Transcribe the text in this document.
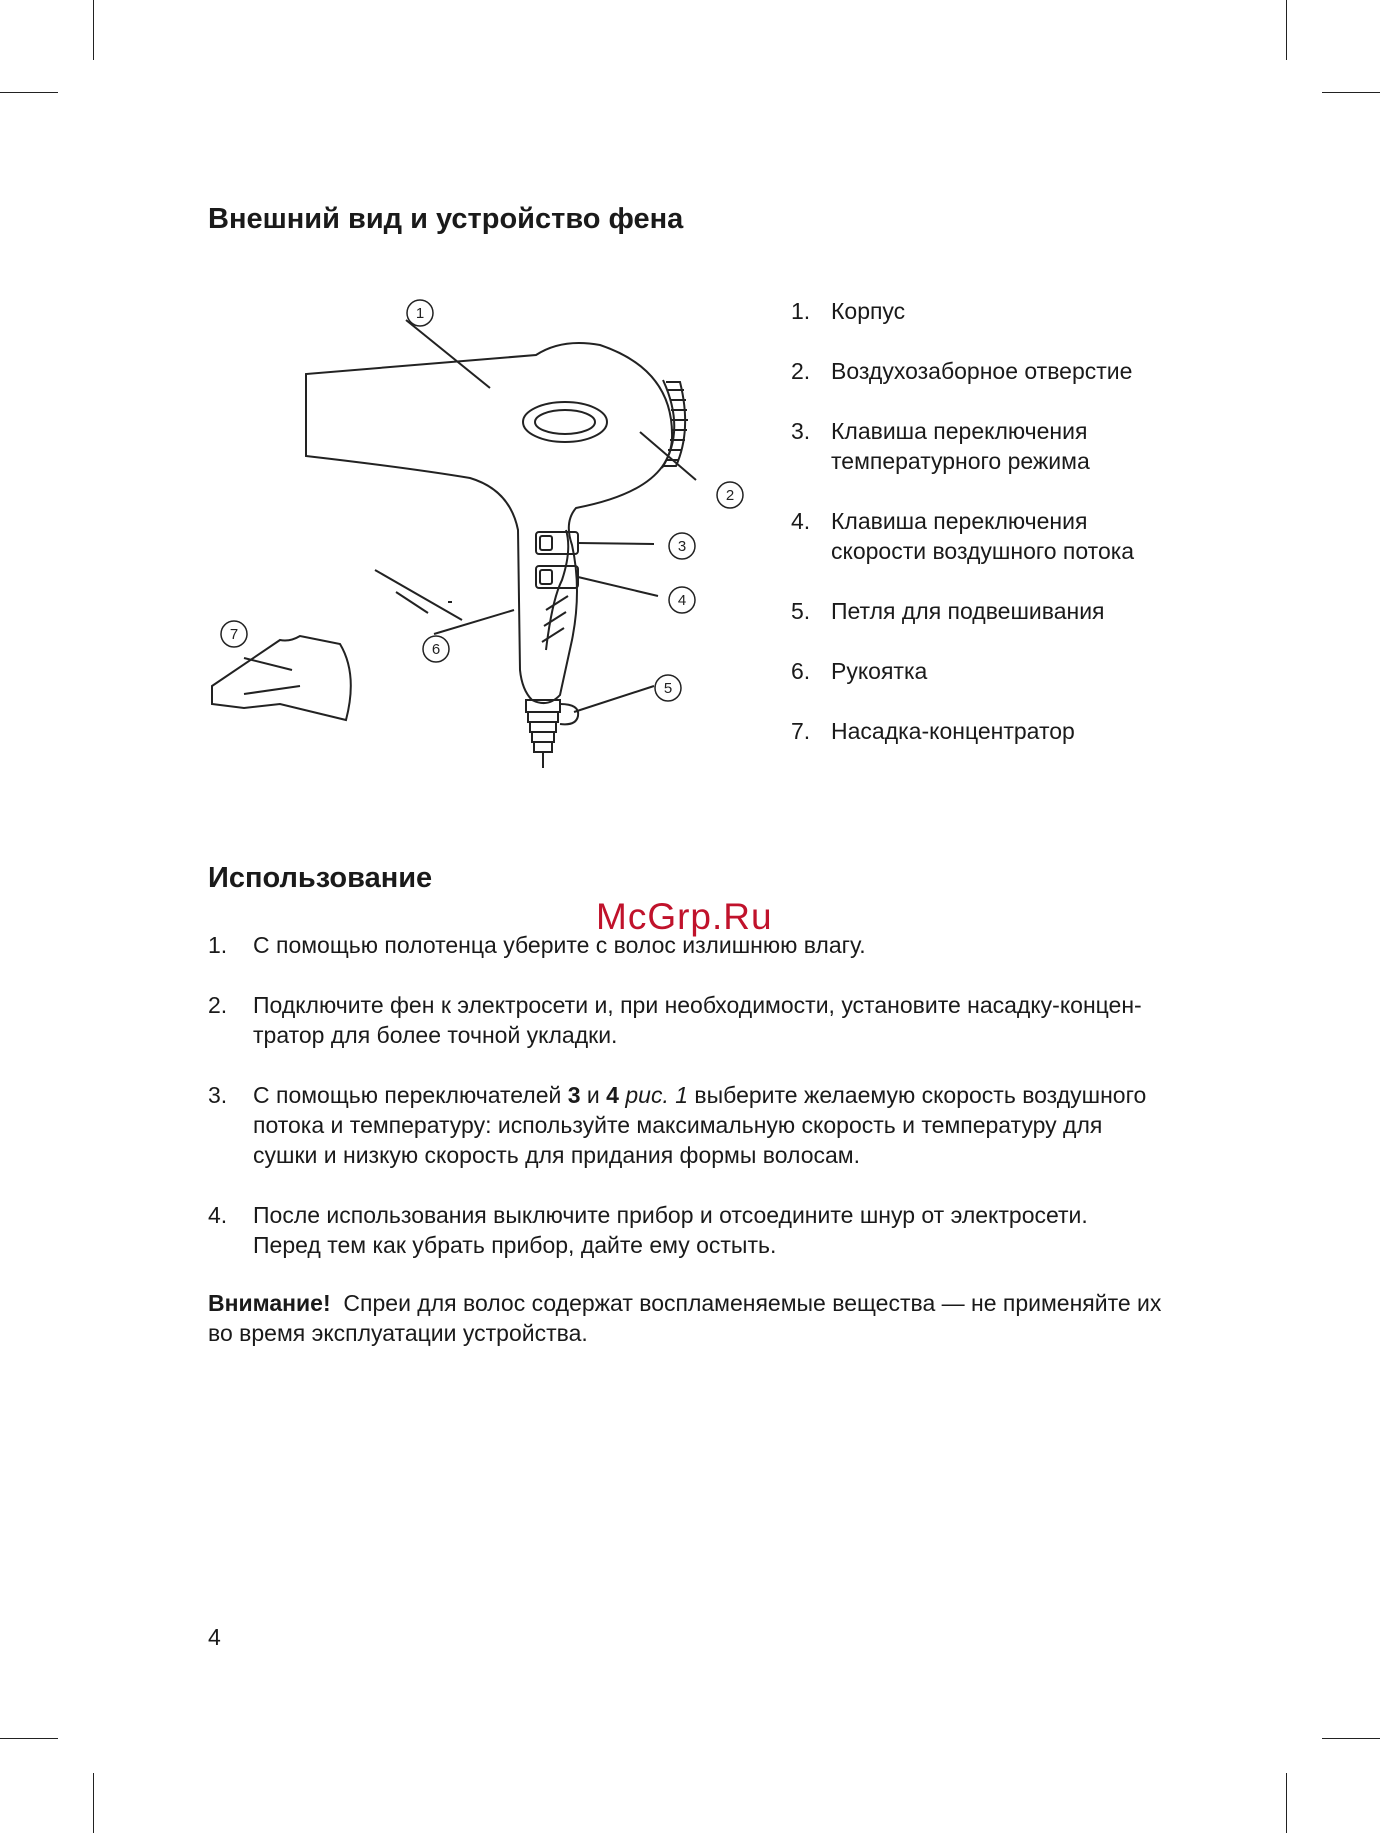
Внешний вид и устройство фена
1
2
3
4
5
6
7
1. Корпус
2. Воздухозаборное отверстие
3. Клавиша переключения
температурного режима
4. Клавиша переключения
скорости воздушного потока
5. Петля для подвешивания
6. Рукоятка
7. Насадка-концентратор
Использование
McGrp.Ru
1.	С помощью полотенца уберите с волос излишнюю влагу.
2.	Подключите фен к электросети и, при необходимости, установите насадку-концен-
тратор для более точной укладки.
3.	С помощью переключателей 3 и 4 рис. 1 выберите желаемую скорость воздушного
потока и температуру: используйте максимальную скорость и температуру для
сушки и низкую скорость для придания формы волосам.
4.	После использования выключите прибор и отсоедините шнур от электросети.
Перед тем как убрать прибор, дайте ему остыть.
Внимание! Спреи для волос содержат воспламеняемые вещества — не применяйте их
во время эксплуатации устройства.
4
